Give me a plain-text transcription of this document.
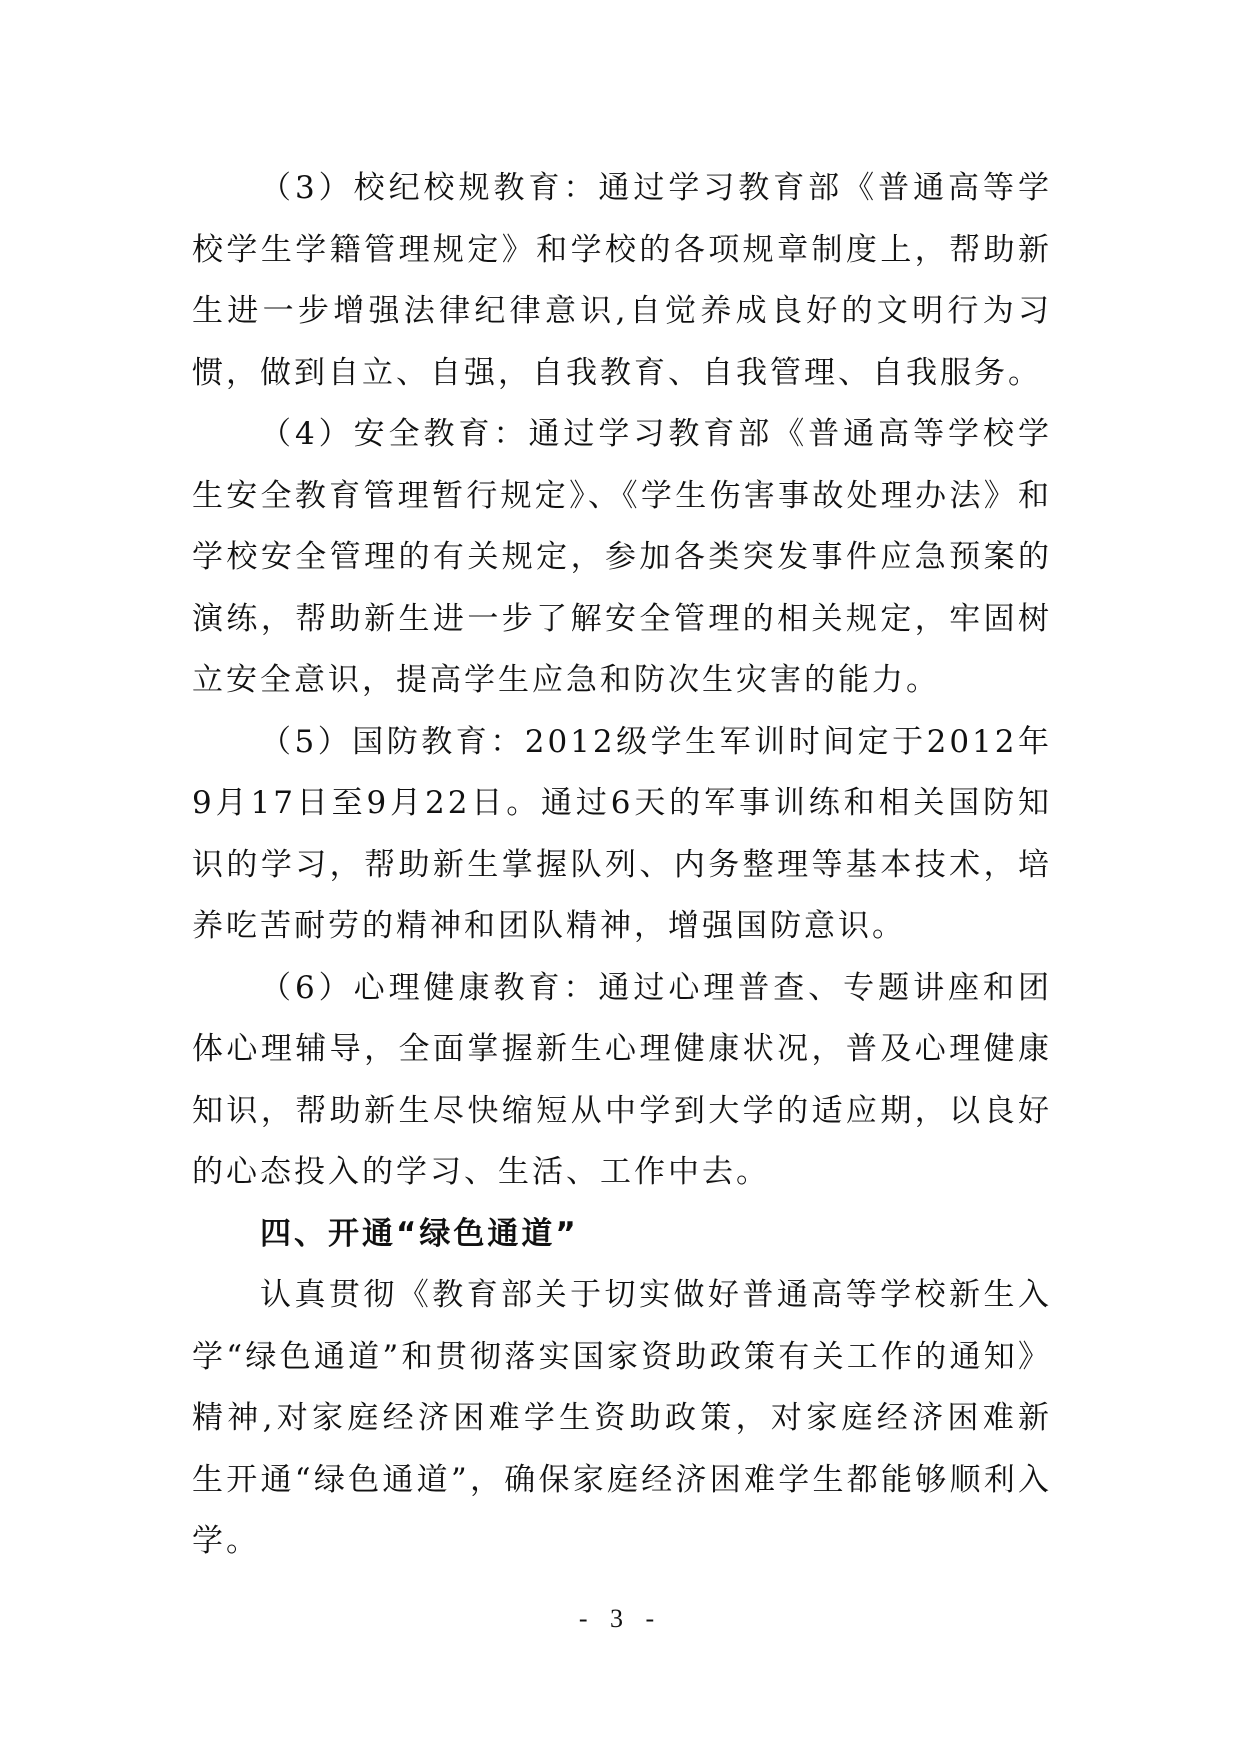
（3）校纪校规教育：通过学习教育部《普通高等学校学生学籍管理规定》和学校的各项规章制度上，帮助新生进一步增强法律纪律意识,自觉养成良好的文明行为习惯，做到自立、自强，自我教育、自我管理、自我服务。

（4）安全教育：通过学习教育部《普通高等学校学生安全教育管理暂行规定》、《学生伤害事故处理办法》和学校安全管理的有关规定，参加各类突发事件应急预案的演练，帮助新生进一步了解安全管理的相关规定，牢固树立安全意识，提高学生应急和防次生灾害的能力。

（5）国防教育：2012级学生军训时间定于2012年9月17日至9月22日。通过6天的军事训练和相关国防知识的学习，帮助新生掌握队列、内务整理等基本技术，培养吃苦耐劳的精神和团队精神，增强国防意识。

（6）心理健康教育：通过心理普查、专题讲座和团体心理辅导，全面掌握新生心理健康状况，普及心理健康知识，帮助新生尽快缩短从中学到大学的适应期，以良好的心态投入的学习、生活、工作中去。

四、开通“绿色通道”

认真贯彻《教育部关于切实做好普通高等学校新生入学“绿色通道”和贯彻落实国家资助政策有关工作的通知》精神,对家庭经济困难学生资助政策，对家庭经济困难新生开通“绿色通道”，确保家庭经济困难学生都能够顺利入学。

- 3 -
